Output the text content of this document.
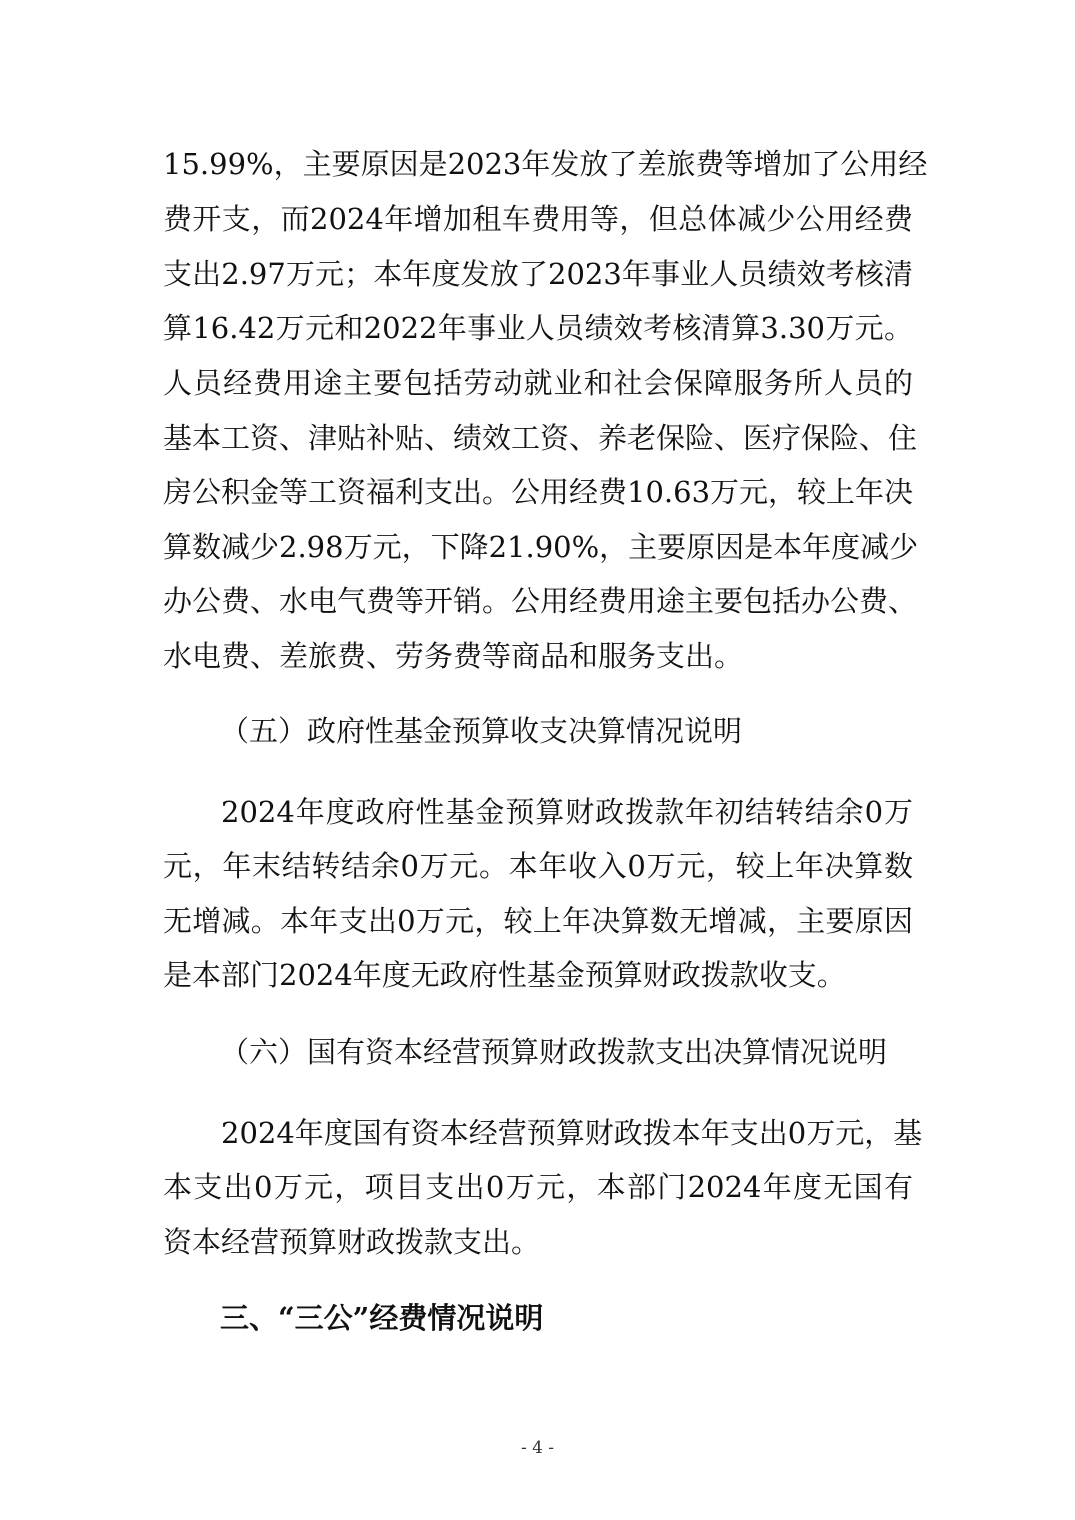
15.99%，主要原因是2023年发放了差旅费等增加了公用经
费开支，而2024年增加租车费用等，但总体减少公用经费
支出2.97万元；本年度发放了2023年事业人员绩效考核清
算16.42万元和2022年事业人员绩效考核清算3.30万元。
人员经费用途主要包括劳动就业和社会保障服务所人员的
基本工资、津贴补贴、绩效工资、养老保险、医疗保险、住
房公积金等工资福利支出。公用经费10.63万元，较上年决
算数减少2.98万元，下降21.90%，主要原因是本年度减少
办公费、水电气费等开销。公用经费用途主要包括办公费、
水电费、差旅费、劳务费等商品和服务支出。
（五）政府性基金预算收支决算情况说明
2024年度政府性基金预算财政拨款年初结转结余0万
元，年末结转结余0万元。本年收入0万元，较上年决算数
无增减。本年支出0万元，较上年决算数无增减，主要原因
是本部门2024年度无政府性基金预算财政拨款收支。
（六）国有资本经营预算财政拨款支出决算情况说明
2024年度国有资本经营预算财政拨本年支出0万元，基
本支出0万元，项目支出0万元，本部门2024年度无国有
资本经营预算财政拨款支出。
三、“三公”经费情况说明
- 4 -
